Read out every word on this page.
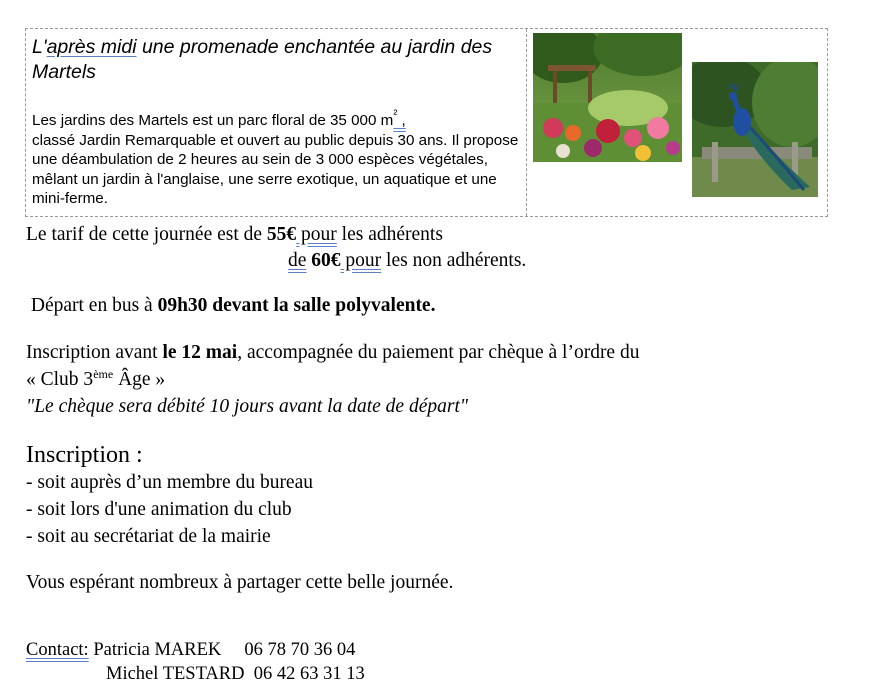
L'après midi une promenade enchantée au jardin des Martels

Les jardins des Martels est un parc floral de 35 000 $m^{^2}$ ,
classé Jardin Remarquable et ouvert au public depuis 30 ans. Il propose une déambulation de 2 heures au sein de 3 000 espèces végétales, mêlant un jardin à l'anglaise, une serre exotique, un aquatique et une mini-ferme.

Le tarif de cette journée est de 55€ pour les adhérents

de 60€ pour les non adhérents.

Départ en bus à 09h30 devant la salle polyvalente.

Inscription avant le 12 mai, accompagnée du paiement par chèque à l’ordre du

« Club 3ème Âge »

"Le chèque sera débité 10 jours avant la date de départ"

Inscription :

- soit auprès d’un membre du bureau

- soit lors d'une animation du club

- soit au secrétariat de la mairie

Vous espérant nombreux à partager cette belle journée.

Contact: Patricia MAREK     06 78 70 36 04

Michel TESTARD  06 42 63 31 13
